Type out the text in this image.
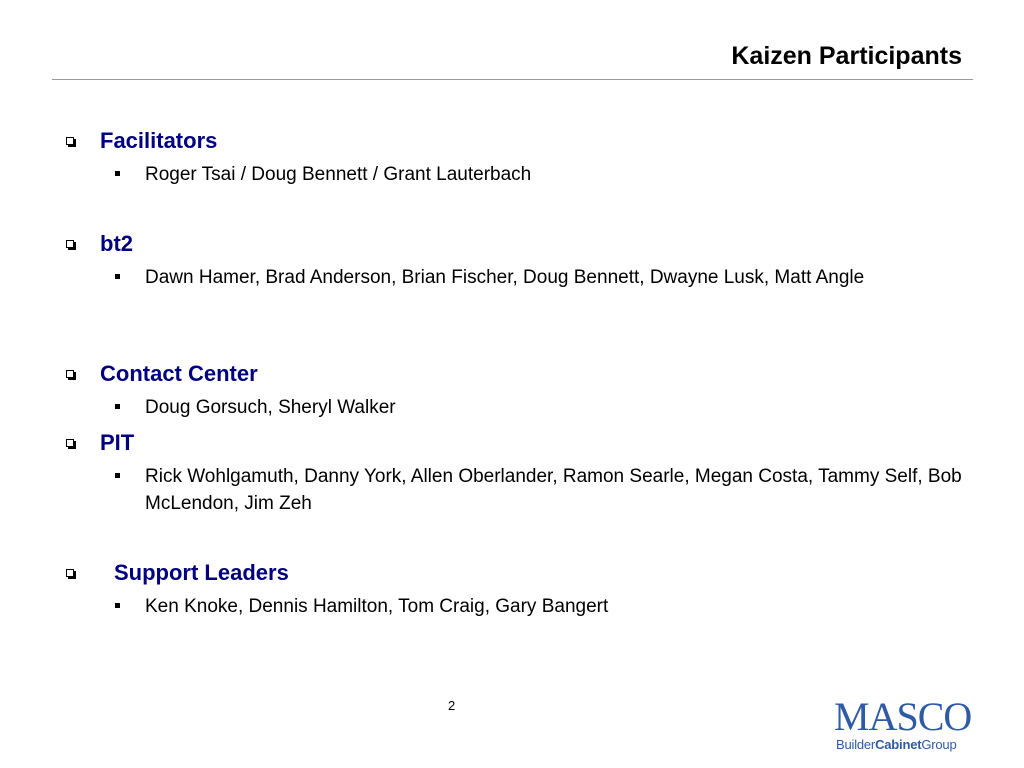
Kaizen Participants
Facilitators
Roger Tsai / Doug Bennett / Grant Lauterbach
bt2
Dawn Hamer, Brad Anderson, Brian Fischer, Doug Bennett, Dwayne Lusk, Matt Angle
Contact Center
Doug Gorsuch, Sheryl Walker
PIT
Rick Wohlgamuth, Danny York, Allen Oberlander, Ramon Searle, Megan Costa, Tammy Self, Bob McLendon, Jim Zeh
Support Leaders
Ken Knoke, Dennis Hamilton, Tom Craig, Gary Bangert
2	MASCO
BuilderCabinetGroup
